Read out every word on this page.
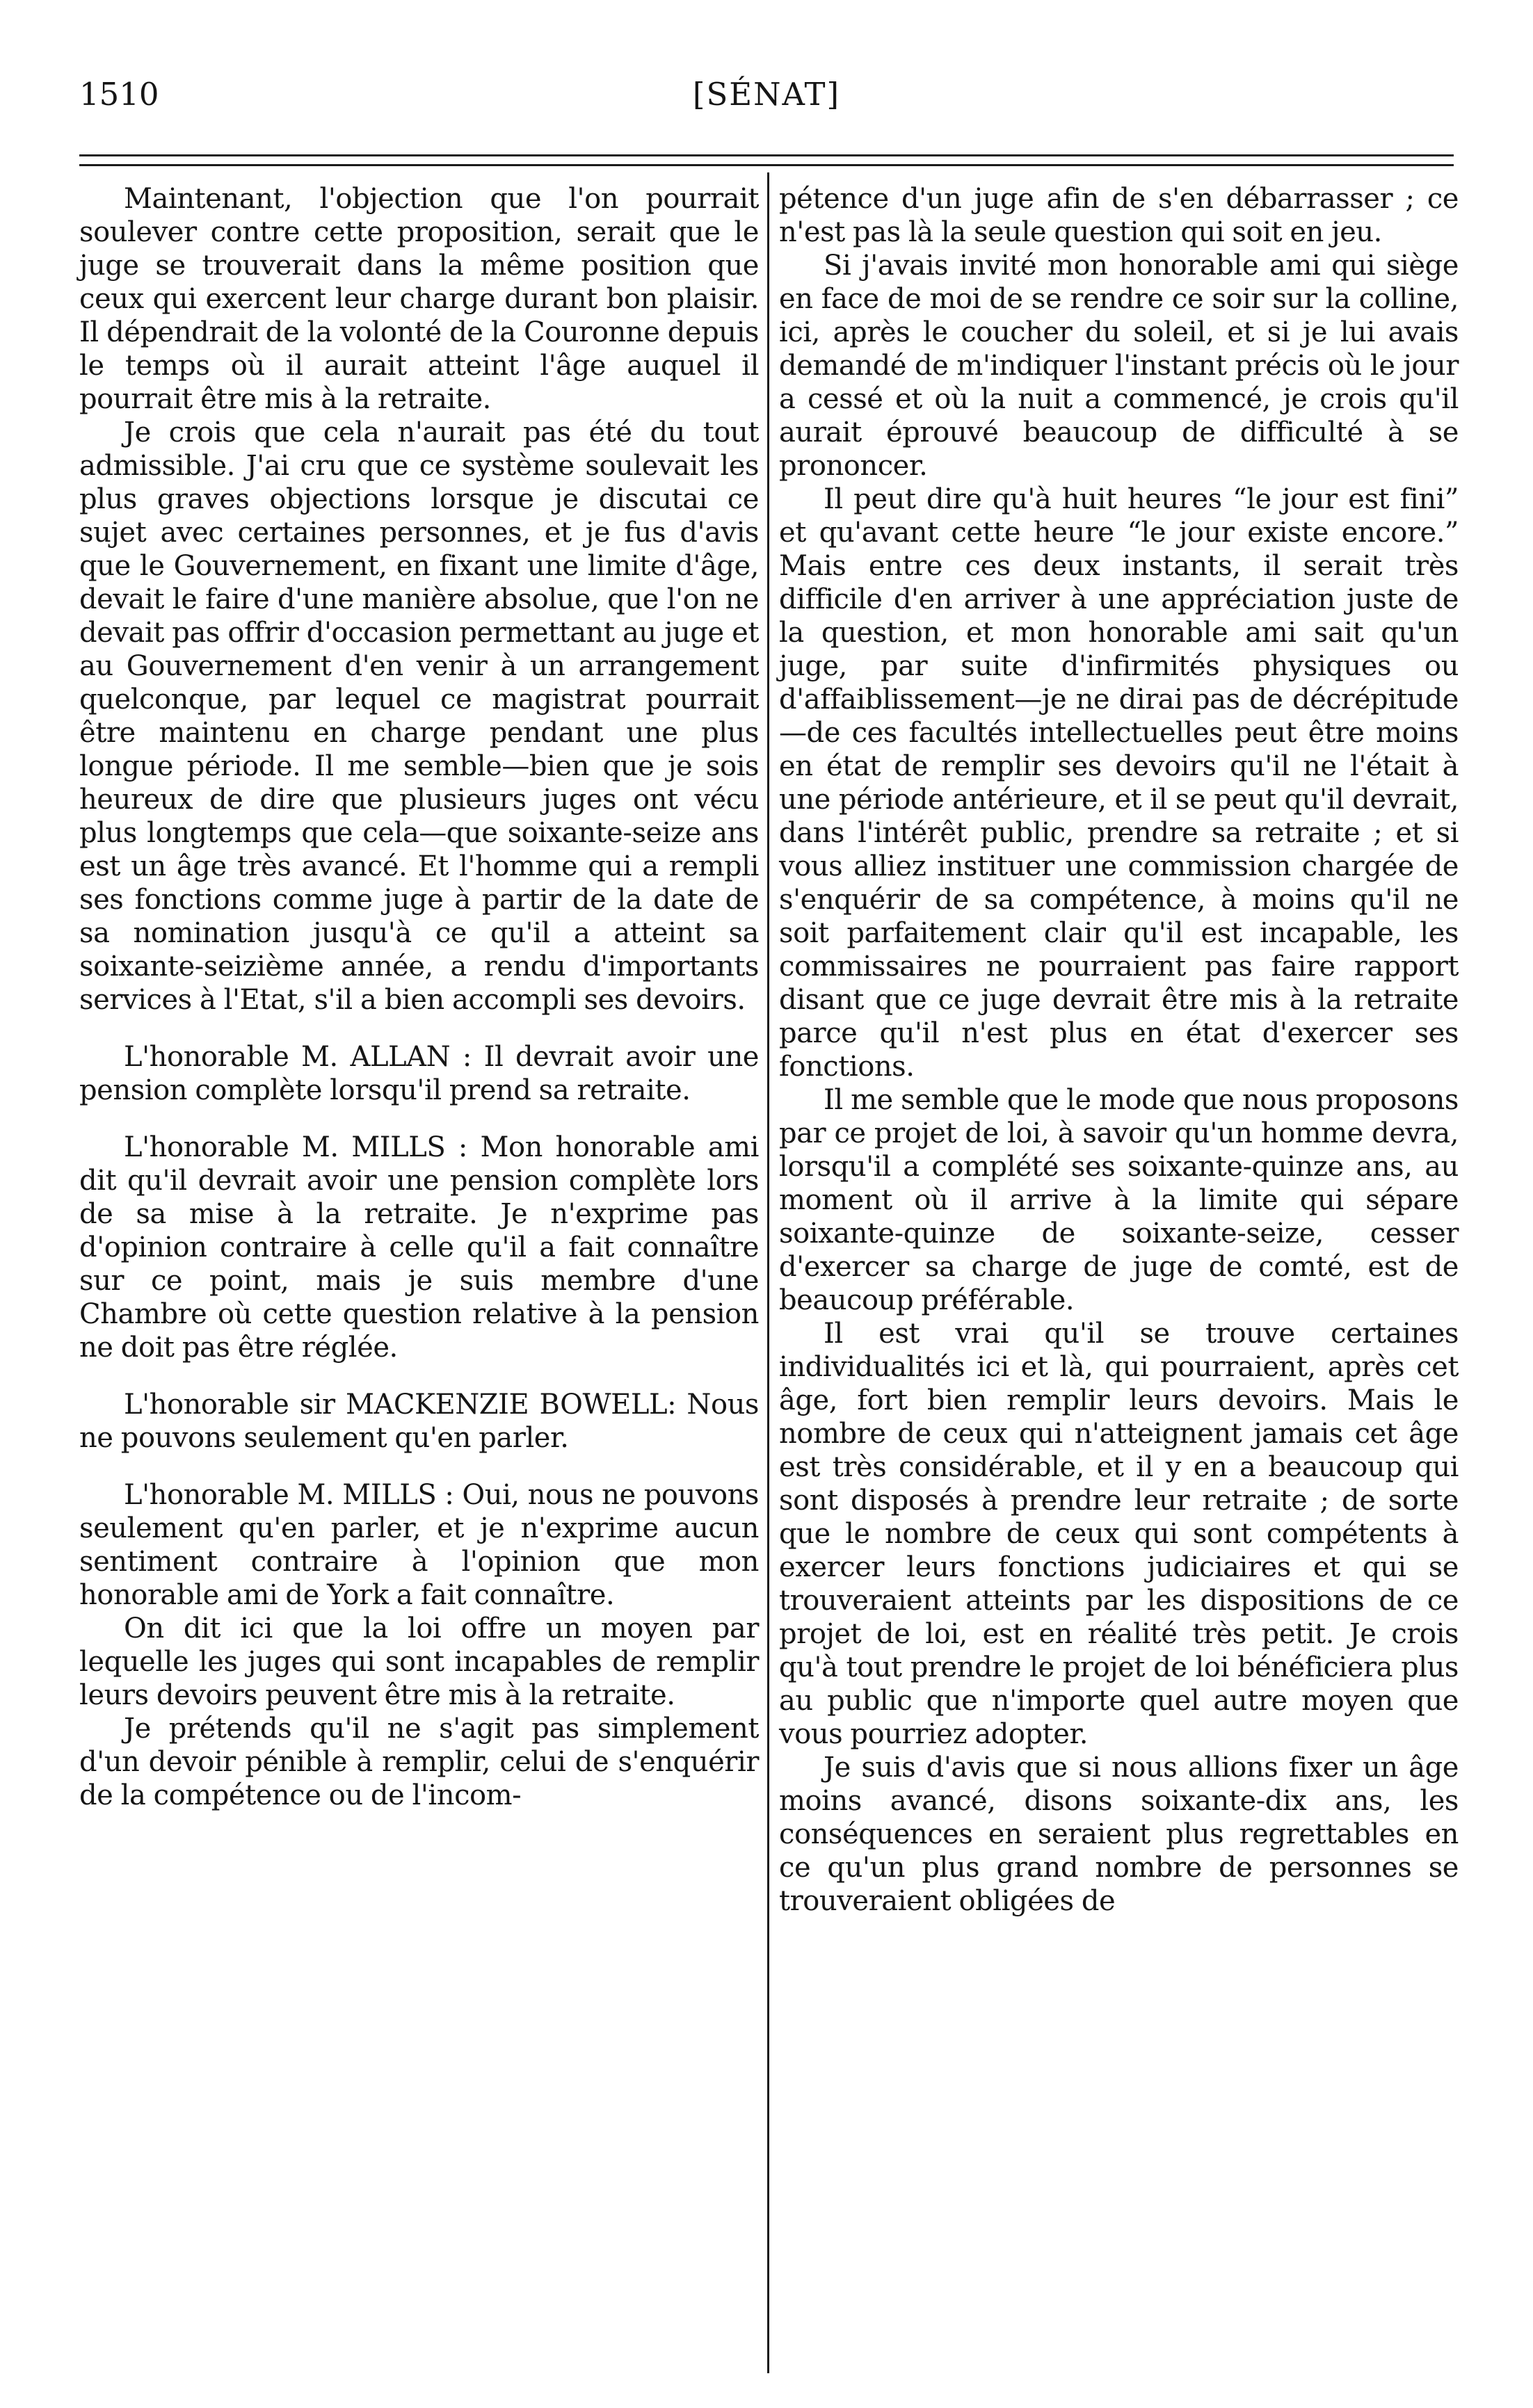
1510	[SÉNAT]

Maintenant, l'objection que l'on pourrait soulever contre cette proposition, serait que le juge se trouverait dans la même position que ceux qui exercent leur charge durant bon plaisir. Il dépendrait de la volonté de la Couronne depuis le temps où il aurait atteint l'âge auquel il pourrait être mis à la retraite.

Je crois que cela n'aurait pas été du tout admissible. J'ai cru que ce système soulevait les plus graves objections lorsque je discutai ce sujet avec certaines personnes, et je fus d'avis que le Gouvernement, en fixant une limite d'âge, devait le faire d'une manière absolue, que l'on ne devait pas offrir d'occasion permettant au juge et au Gouvernement d'en venir à un arrangement quelconque, par lequel ce magistrat pourrait être maintenu en charge pendant une plus longue période. Il me semble—bien que je sois heureux de dire que plusieurs juges ont vécu plus longtemps que cela—que soixante-seize ans est un âge très avancé. Et l'homme qui a rempli ses fonctions comme juge à partir de la date de sa nomination jusqu'à ce qu'il a atteint sa soixante-seizième année, a rendu d'importants services à l'Etat, s'il a bien accompli ses devoirs.

L'honorable M. ALLAN : Il devrait avoir une pension complète lorsqu'il prend sa retraite.

L'honorable M. MILLS : Mon honorable ami dit qu'il devrait avoir une pension complète lors de sa mise à la retraite. Je n'exprime pas d'opinion contraire à celle qu'il a fait connaître sur ce point, mais je suis membre d'une Chambre où cette question relative à la pension ne doit pas être réglée.

L'honorable sir MACKENZIE BOWELL: Nous ne pouvons seulement qu'en parler.

L'honorable M. MILLS : Oui, nous ne pouvons seulement qu'en parler, et je n'exprime aucun sentiment contraire à l'opinion que mon honorable ami de York a fait connaître.

On dit ici que la loi offre un moyen par lequelle les juges qui sont incapables de remplir leurs devoirs peuvent être mis à la retraite.

Je prétends qu'il ne s'agit pas simplement d'un devoir pénible à remplir, celui de s'enquérir de la compétence ou de l'incom-

pétence d'un juge afin de s'en débarrasser ; ce n'est pas là la seule question qui soit en jeu.

Si j'avais invité mon honorable ami qui siège en face de moi de se rendre ce soir sur la colline, ici, après le coucher du soleil, et si je lui avais demandé de m'indiquer l'instant précis où le jour a cessé et où la nuit a commencé, je crois qu'il aurait éprouvé beaucoup de difficulté à se prononcer.

Il peut dire qu'à huit heures “le jour est fini” et qu'avant cette heure “le jour existe encore.” Mais entre ces deux instants, il serait très difficile d'en arriver à une appréciation juste de la question, et mon honorable ami sait qu'un juge, par suite d'infirmités physiques ou d'affaiblissement—je ne dirai pas de décrépitude—de ces facultés intellectuelles peut être moins en état de remplir ses devoirs qu'il ne l'était à une période antérieure, et il se peut qu'il devrait, dans l'intérêt public, prendre sa retraite ; et si vous alliez instituer une commission chargée de s'enquérir de sa compétence, à moins qu'il ne soit parfaitement clair qu'il est incapable, les commissaires ne pourraient pas faire rapport disant que ce juge devrait être mis à la retraite parce qu'il n'est plus en état d'exercer ses fonctions.

Il me semble que le mode que nous proposons par ce projet de loi, à savoir qu'un homme devra, lorsqu'il a complété ses soixante-quinze ans, au moment où il arrive à la limite qui sépare soixante-quinze de soixante-seize, cesser d'exercer sa charge de juge de comté, est de beaucoup préférable.

Il est vrai qu'il se trouve certaines individualités ici et là, qui pourraient, après cet âge, fort bien remplir leurs devoirs. Mais le nombre de ceux qui n'atteignent jamais cet âge est très considérable, et il y en a beaucoup qui sont disposés à prendre leur retraite ; de sorte que le nombre de ceux qui sont compétents à exercer leurs fonctions judiciaires et qui se trouveraient atteints par les dispositions de ce projet de loi, est en réalité très petit. Je crois qu'à tout prendre le projet de loi bénéficiera plus au public que n'importe quel autre moyen que vous pourriez adopter.

Je suis d'avis que si nous allions fixer un âge moins avancé, disons soixante-dix ans, les conséquences en seraient plus regrettables en ce qu'un plus grand nombre de personnes se trouveraient obligées de
